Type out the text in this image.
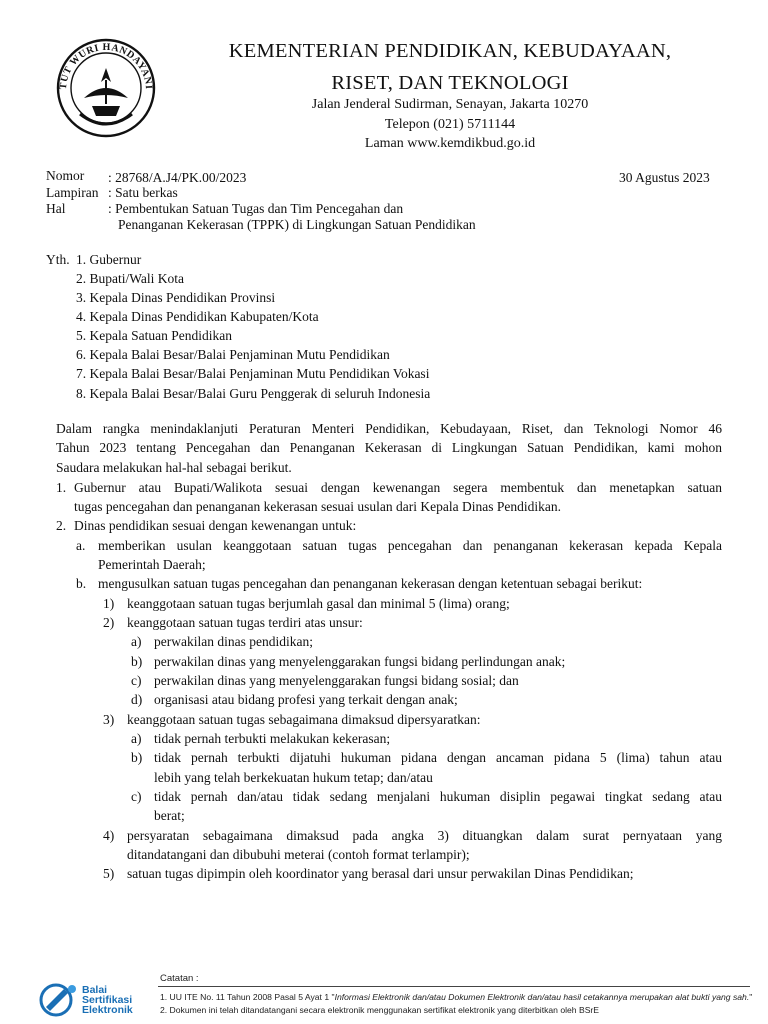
TUT WURI HANDAYANI
KEMENTERIAN PENDIDIKAN, KEBUDAYAAN,
RISET, DAN TEKNOLOGI
Jalan Jenderal Sudirman, Senayan, Jakarta 10270
Telepon (021) 5711144
Laman www.kemdikbud.go.id
Nomor : 28768/A.J4/PK.00/2023	30 Agustus 2023
Lampiran : Satu berkas
Hal	: Pembentukan Satuan Tugas dan Tim Pencegahan dan
Penanganan Kekerasan (TPPK) di Lingkungan Satuan Pendidikan
Yth. 1. Gubernur
2. Bupati/Wali Kota
3. Kepala Dinas Pendidikan Provinsi
4. Kepala Dinas Pendidikan Kabupaten/Kota
5. Kepala Satuan Pendidikan
6. Kepala Balai Besar/Balai Penjaminan Mutu Pendidikan
7. Kepala Balai Besar/Balai Penjaminan Mutu Pendidikan Vokasi
8. Kepala Balai Besar/Balai Guru Penggerak di seluruh Indonesia
Dalam rangka menindaklanjuti Peraturan Menteri Pendidikan, Kebudayaan, Riset, dan Teknologi Nomor 46
Tahun 2023 tentang Pencegahan dan Penanganan Kekerasan di Lingkungan Satuan Pendidikan, kami mohon
Saudara melakukan hal-hal sebagai berikut.
1. Gubernur atau Bupati/Walikota sesuai dengan kewenangan segera membentuk dan menetapkan satuan
tugas pencegahan dan penanganan kekerasan sesuai usulan dari Kepala Dinas Pendidikan.
2. Dinas pendidikan sesuai dengan kewenangan untuk:
a. memberikan usulan keanggotaan satuan tugas pencegahan dan penanganan kekerasan kepada Kepala
Pemerintah Daerah;
b. mengusulkan satuan tugas pencegahan dan penanganan kekerasan dengan ketentuan sebagai berikut:
1) keanggotaan satuan tugas berjumlah gasal dan minimal 5 (lima) orang;
2) keanggotaan satuan tugas terdiri atas unsur:
a) perwakilan dinas pendidikan;
b) perwakilan dinas yang menyelenggarakan fungsi bidang perlindungan anak;
c) perwakilan dinas yang menyelenggarakan fungsi bidang sosial; dan
d) organisasi atau bidang profesi yang terkait dengan anak;
3) keanggotaan satuan tugas sebagaimana dimaksud dipersyaratkan:
a) tidak pernah terbukti melakukan kekerasan;
b) tidak pernah terbukti dijatuhi hukuman pidana dengan ancaman pidana 5 (lima) tahun atau
lebih yang telah berkekuatan hukum tetap; dan/atau
c) tidak pernah dan/atau tidak sedang menjalani hukuman disiplin pegawai tingkat sedang atau
berat;
4) persyaratan sebagaimana dimaksud pada angka 3) dituangkan dalam surat pernyataan yang
ditandatangani dan dibubuhi meterai (contoh format terlampir);
5) satuan tugas dipimpin oleh koordinator yang berasal dari unsur perwakilan Dinas Pendidikan;
Balai
Sertifikasi
Elektronik
Catatan :
1. UU ITE No. 11 Tahun 2008 Pasal 5 Ayat 1 "Informasi Elektronik dan/atau Dokumen Elektronik dan/atau hasil cetakannya merupakan alat bukti yang sah."
2. Dokumen ini telah ditandatangani secara elektronik menggunakan sertifikat elektronik yang diterbitkan oleh BSrE
